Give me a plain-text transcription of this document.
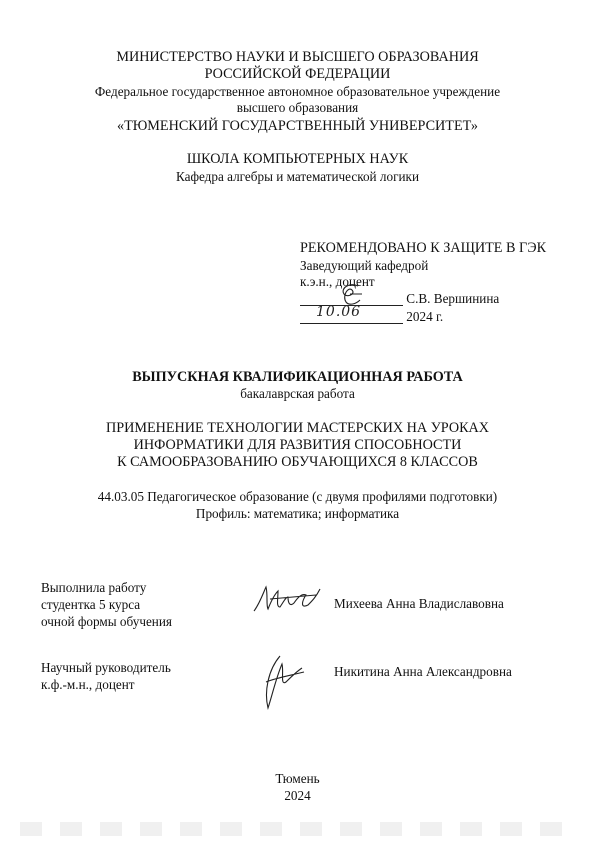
МИНИСТЕРСТВО НАУКИ И ВЫСШЕГО ОБРАЗОВАНИЯ
РОССИЙСКОЙ ФЕДЕРАЦИИ
Федеральное государственное автономное образовательное учреждение
высшего образования
«ТЮМЕНСКИЙ ГОСУДАРСТВЕННЫЙ УНИВЕРСИТЕТ»
ШКОЛА КОМПЬЮТЕРНЫХ НАУК
Кафедра алгебры и математической логики
РЕКОМЕНДОВАНО К ЗАЩИТЕ В ГЭК
Заведующий кафедрой
к.э.н., доцент
С.В. Вершинина
10.06	2024 г.
ВЫПУСКНАЯ КВАЛИФИКАЦИОННАЯ РАБОТА
бакалаврская работа
ПРИМЕНЕНИЕ ТЕХНОЛОГИИ МАСТЕРСКИХ НА УРОКАХ
ИНФОРМАТИКИ ДЛЯ РАЗВИТИЯ СПОСОБНОСТИ
К САМООБРАЗОВАНИЮ ОБУЧАЮЩИХСЯ 8 КЛАССОВ
44.03.05 Педагогическое образование (с двумя профилями подготовки)
Профиль: математика; информатика
Выполнила работу
студентка 5 курса
очной формы обучения
Михеева Анна Владиславовна
Научный руководитель
к.ф.-м.н., доцент
Никитина Анна Александровна
Тюмень
2024
